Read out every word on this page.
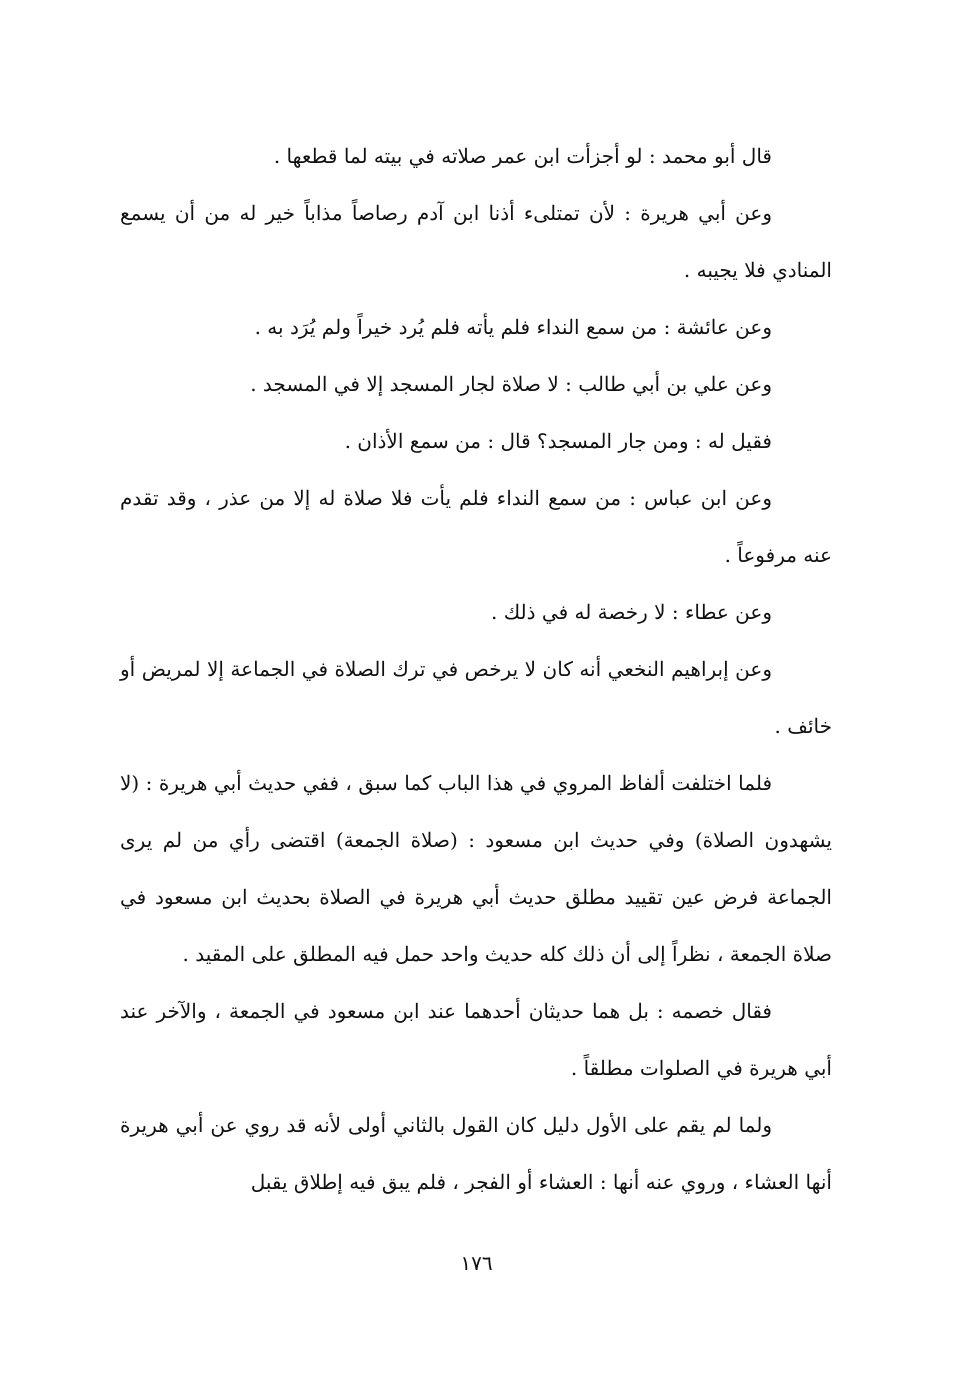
قال أبو محمد : لو أجزأت ابن عمر صلاته في بيته لما قطعها .

وعن أبي هريرة : لأن تمتلىء أذنا ابن آدم رصاصاً مذاباً خير له من أن يسمع المنادي فلا يجيبه .

وعن عائشة : من سمع النداء فلم يأته فلم يُرد خيراً ولم يُرَد به .

وعن علي بن أبي طالب : لا صلاة لجار المسجد إلا في المسجد .

فقيل له : ومن جار المسجد؟ قال : من سمع الأذان .

وعن ابن عباس : من سمع النداء فلم يأت فلا صلاة له إلا من عذر ، وقد تقدم عنه مرفوعاً .

وعن عطاء : لا رخصة له في ذلك .

وعن إبراهيم النخعي أنه كان لا يرخص في ترك الصلاة في الجماعة إلا لمريض أو خائف .

فلما اختلفت ألفاظ المروي في هذا الباب كما سبق ، ففي حديث أبي هريرة : (لا يشهدون الصلاة) وفي حديث ابن مسعود : (صلاة الجمعة) اقتضى رأي من لم يرى الجماعة فرض عين تقييد مطلق حديث أبي هريرة في الصلاة بحديث ابن مسعود في صلاة الجمعة ، نظراً إلى أن ذلك كله حديث واحد حمل فيه المطلق على المقيد .

فقال خصمه : بل هما حديثان أحدهما عند ابن مسعود في الجمعة ، والآخر عند أبي هريرة في الصلوات مطلقاً .

ولما لم يقم على الأول دليل كان القول بالثاني أولى لأنه قد روي عن أبي هريرة أنها العشاء ، وروي عنه أنها : العشاء أو الفجر ، فلم يبق فيه إطلاق يقبل

١٧٦
